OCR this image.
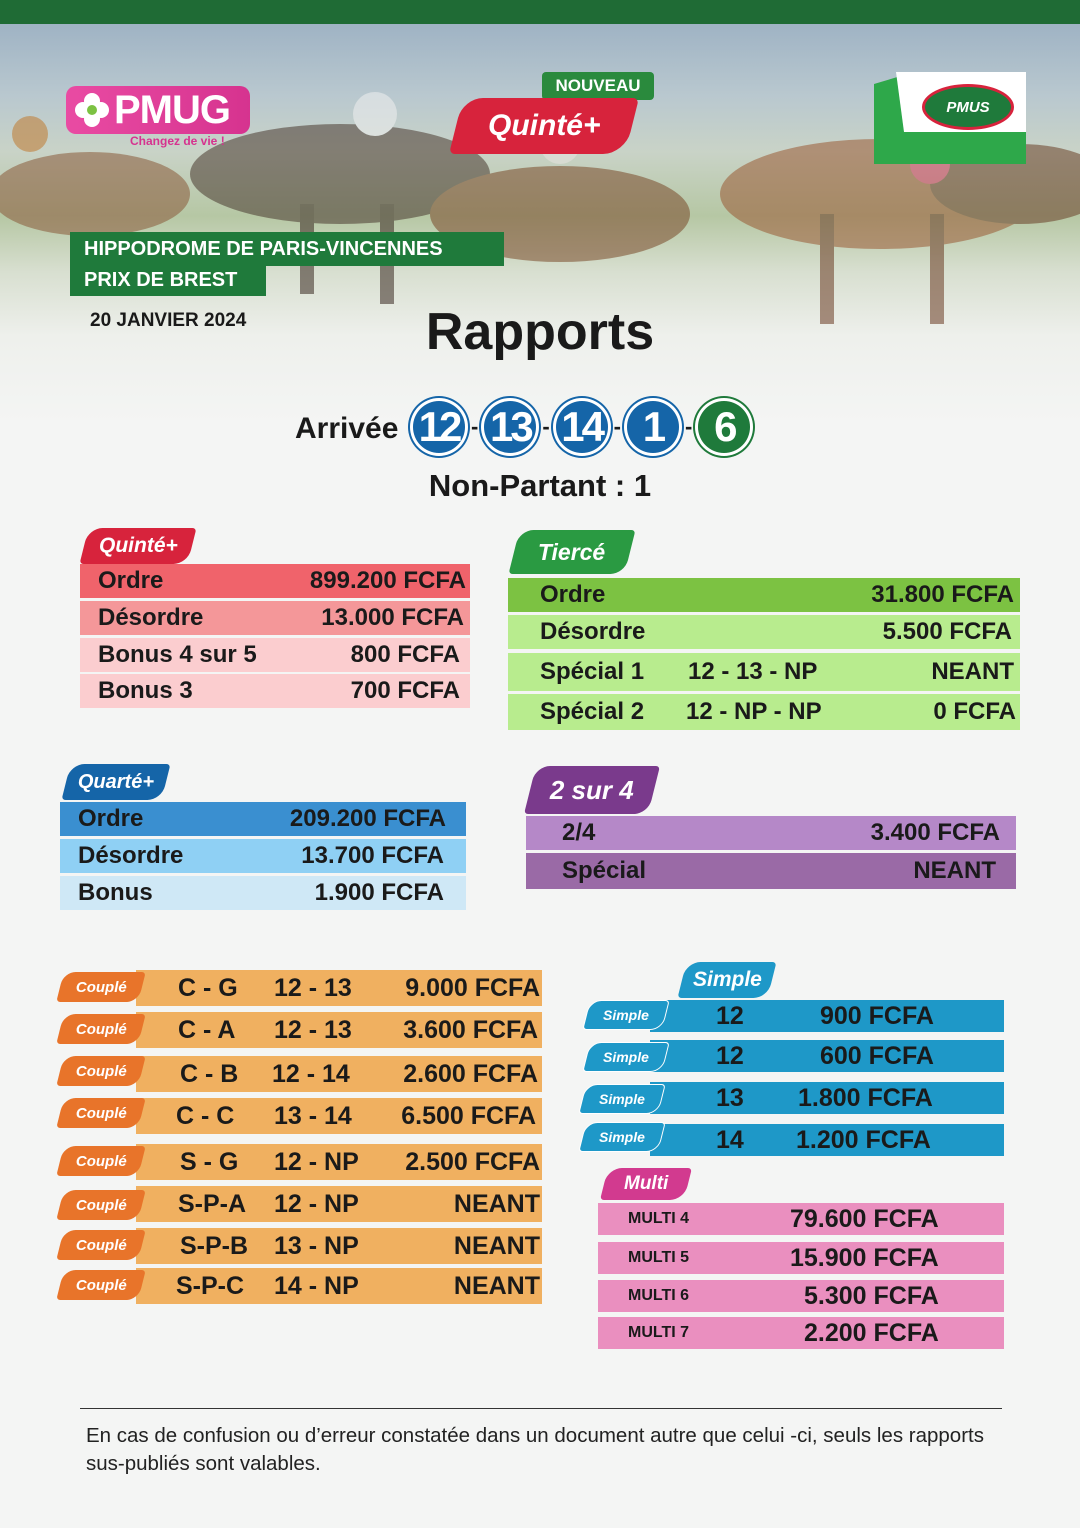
PMUG
Changez de vie !
NOUVEAU
Quinté+
PMUS
HIPPODROME DE PARIS-VINCENNES
PRIX DE BREST
20 JANVIER 2024	Rapports
Arrivée 12 - 13 - 14 - 1 - 6
Non-Partant : 1
Quinté+
Ordre	899.200 FCFA
Désordre	13.000 FCFA
Bonus 4 sur 5	800 FCFA
Bonus 3	700 FCFA
Tiercé
Ordre	31.800 FCFA
Désordre	5.500 FCFA
Spécial 1 12 - 13 - NP	NEANT
Spécial 2 12 - NP - NP	0 FCFA
Quarté+
Ordre	209.200 FCFA
Désordre	13.700 FCFA
Bonus	1.900 FCFA
2 sur 4
2/4	3.400 FCFA
Spécial	NEANT
C - G 12 - 13 9.000 FCFA
Couplé
C - A 12 - 13 3.600 FCFA
Couplé
C - B 12 - 14 2.600 FCFA
Couplé
C - C 13 - 14 6.500 FCFA
Couplé
S - G 12 - NP 2.500 FCFA
Couplé
S-P-A 12 - NP	NEANT
Couplé
S-P-B 13 - NP	NEANT
Couplé
S-P-C 14 - NP	NEANT
Couplé
Simple
12	900 FCFA
Simple
12	600 FCFA
Simple
13 1.800 FCFA
Simple
14 1.200 FCFA
Simple
Multi
MULTI 4	79.600 FCFA
MULTI 5	15.900 FCFA
MULTI 6	5.300 FCFA
MULTI 7	2.200 FCFA
En cas de confusion ou d’erreur constatée dans un document autre que celui -ci, seuls les rapports sus-publiés sont valables.
